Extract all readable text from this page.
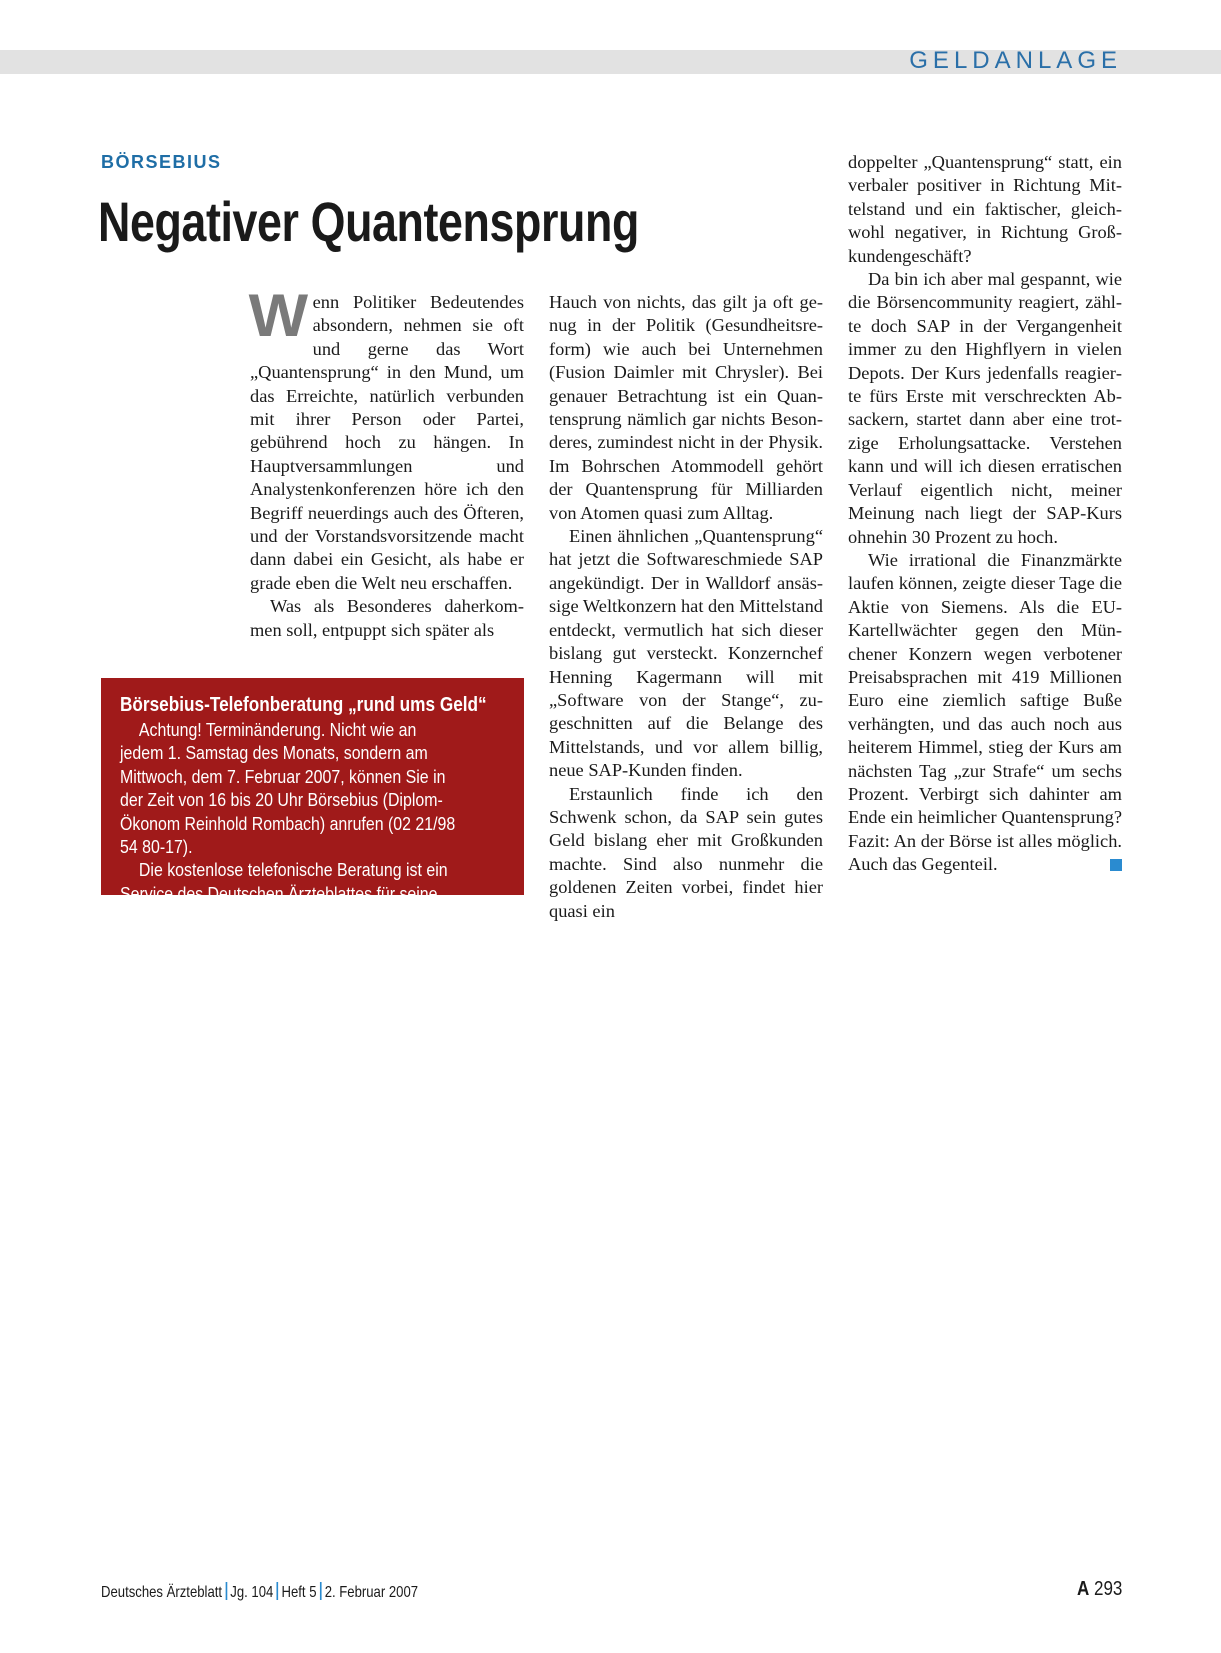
GELDANLAGE
BÖRSEBIUS
Negativer Quantensprung

Wenn Politiker Bedeutendes absondern, nehmen sie oft und gerne das Wort „Quantensprung“ in den Mund, um das Erreichte, natürlich verbunden mit ihrer Person oder Partei, gebührend hoch zu hängen. In Hauptversammlungen und Analystenkonferenzen höre ich den Begriff neuerdings auch des Öfteren, und der Vorstandsvorsitzende macht dann dabei ein Gesicht, als habe er grade eben die Welt neu erschaffen.

Was als Besonderes daherkommen soll, entpuppt sich später als

Hauch von nichts, das gilt ja oft genug in der Politik (Gesundheitsreform) wie auch bei Unternehmen (Fusion Daimler mit Chrysler). Bei genauer Betrachtung ist ein Quantensprung nämlich gar nichts Besonderes, zumindest nicht in der Physik. Im Bohrschen Atommodell gehört der Quantensprung für Milliarden von Atomen quasi zum Alltag.

Einen ähnlichen „Quantensprung“ hat jetzt die Softwareschmiede SAP angekündigt. Der in Walldorf ansässige Weltkonzern hat den Mittelstand entdeckt, vermutlich hat sich dieser bislang gut versteckt. Konzernchef Henning Kagermann will mit „Software von der Stange“, zugeschnitten auf die Belange des Mittelstands, und vor allem billig, neue SAP-Kunden finden.

Erstaunlich finde ich den Schwenk schon, da SAP sein gutes Geld bislang eher mit Großkunden machte. Sind also nunmehr die goldenen Zeiten vorbei, findet hier quasi ein

doppelter „Quantensprung“ statt, ein verbaler positiver in Richtung Mittelstand und ein faktischer, gleichwohl negativer, in Richtung Großkundengeschäft?

Da bin ich aber mal gespannt, wie die Börsencommunity reagiert, zählte doch SAP in der Vergangenheit immer zu den Highflyern in vielen Depots. Der Kurs jedenfalls reagierte fürs Erste mit verschreckten Absackern, startet dann aber eine trotzige Erholungsattacke. Verstehen kann und will ich diesen erratischen Verlauf eigentlich nicht, meiner Meinung nach liegt der SAP-Kurs ohnehin 30 Prozent zu hoch.

Wie irrational die Finanzmärkte laufen können, zeigte dieser Tage die Aktie von Siemens. Als die EU-Kartellwächter gegen den Münchener Konzern wegen verbotener Preisabsprachen mit 419 Millionen Euro eine ziemlich saftige Buße verhängten, und das auch noch aus heiterem Himmel, stieg der Kurs am nächsten Tag „zur Strafe“ um sechs Prozent. Verbirgt sich dahinter am Ende ein heimlicher Quantensprung? Fazit: An der Börse ist alles möglich. Auch das Gegenteil.

Börsebius-Telefonberatung „rund ums Geld“

Achtung! Terminänderung. Nicht wie an jedem 1. Samstag des Monats, sondern am Mittwoch, dem 7. Februar 2007, können Sie in der Zeit von 16 bis 20 Uhr Börsebius (Diplom-Ökonom Reinhold Rombach) anrufen (02 21/98 54 80-17).

Die kostenlose telefonische Beratung ist ein Service des Deutschen Ärzteblattes für seine Leser.

Deutsches Ärzteblatt Jg. 104 Heft 5 2. Februar 2007	A 293
